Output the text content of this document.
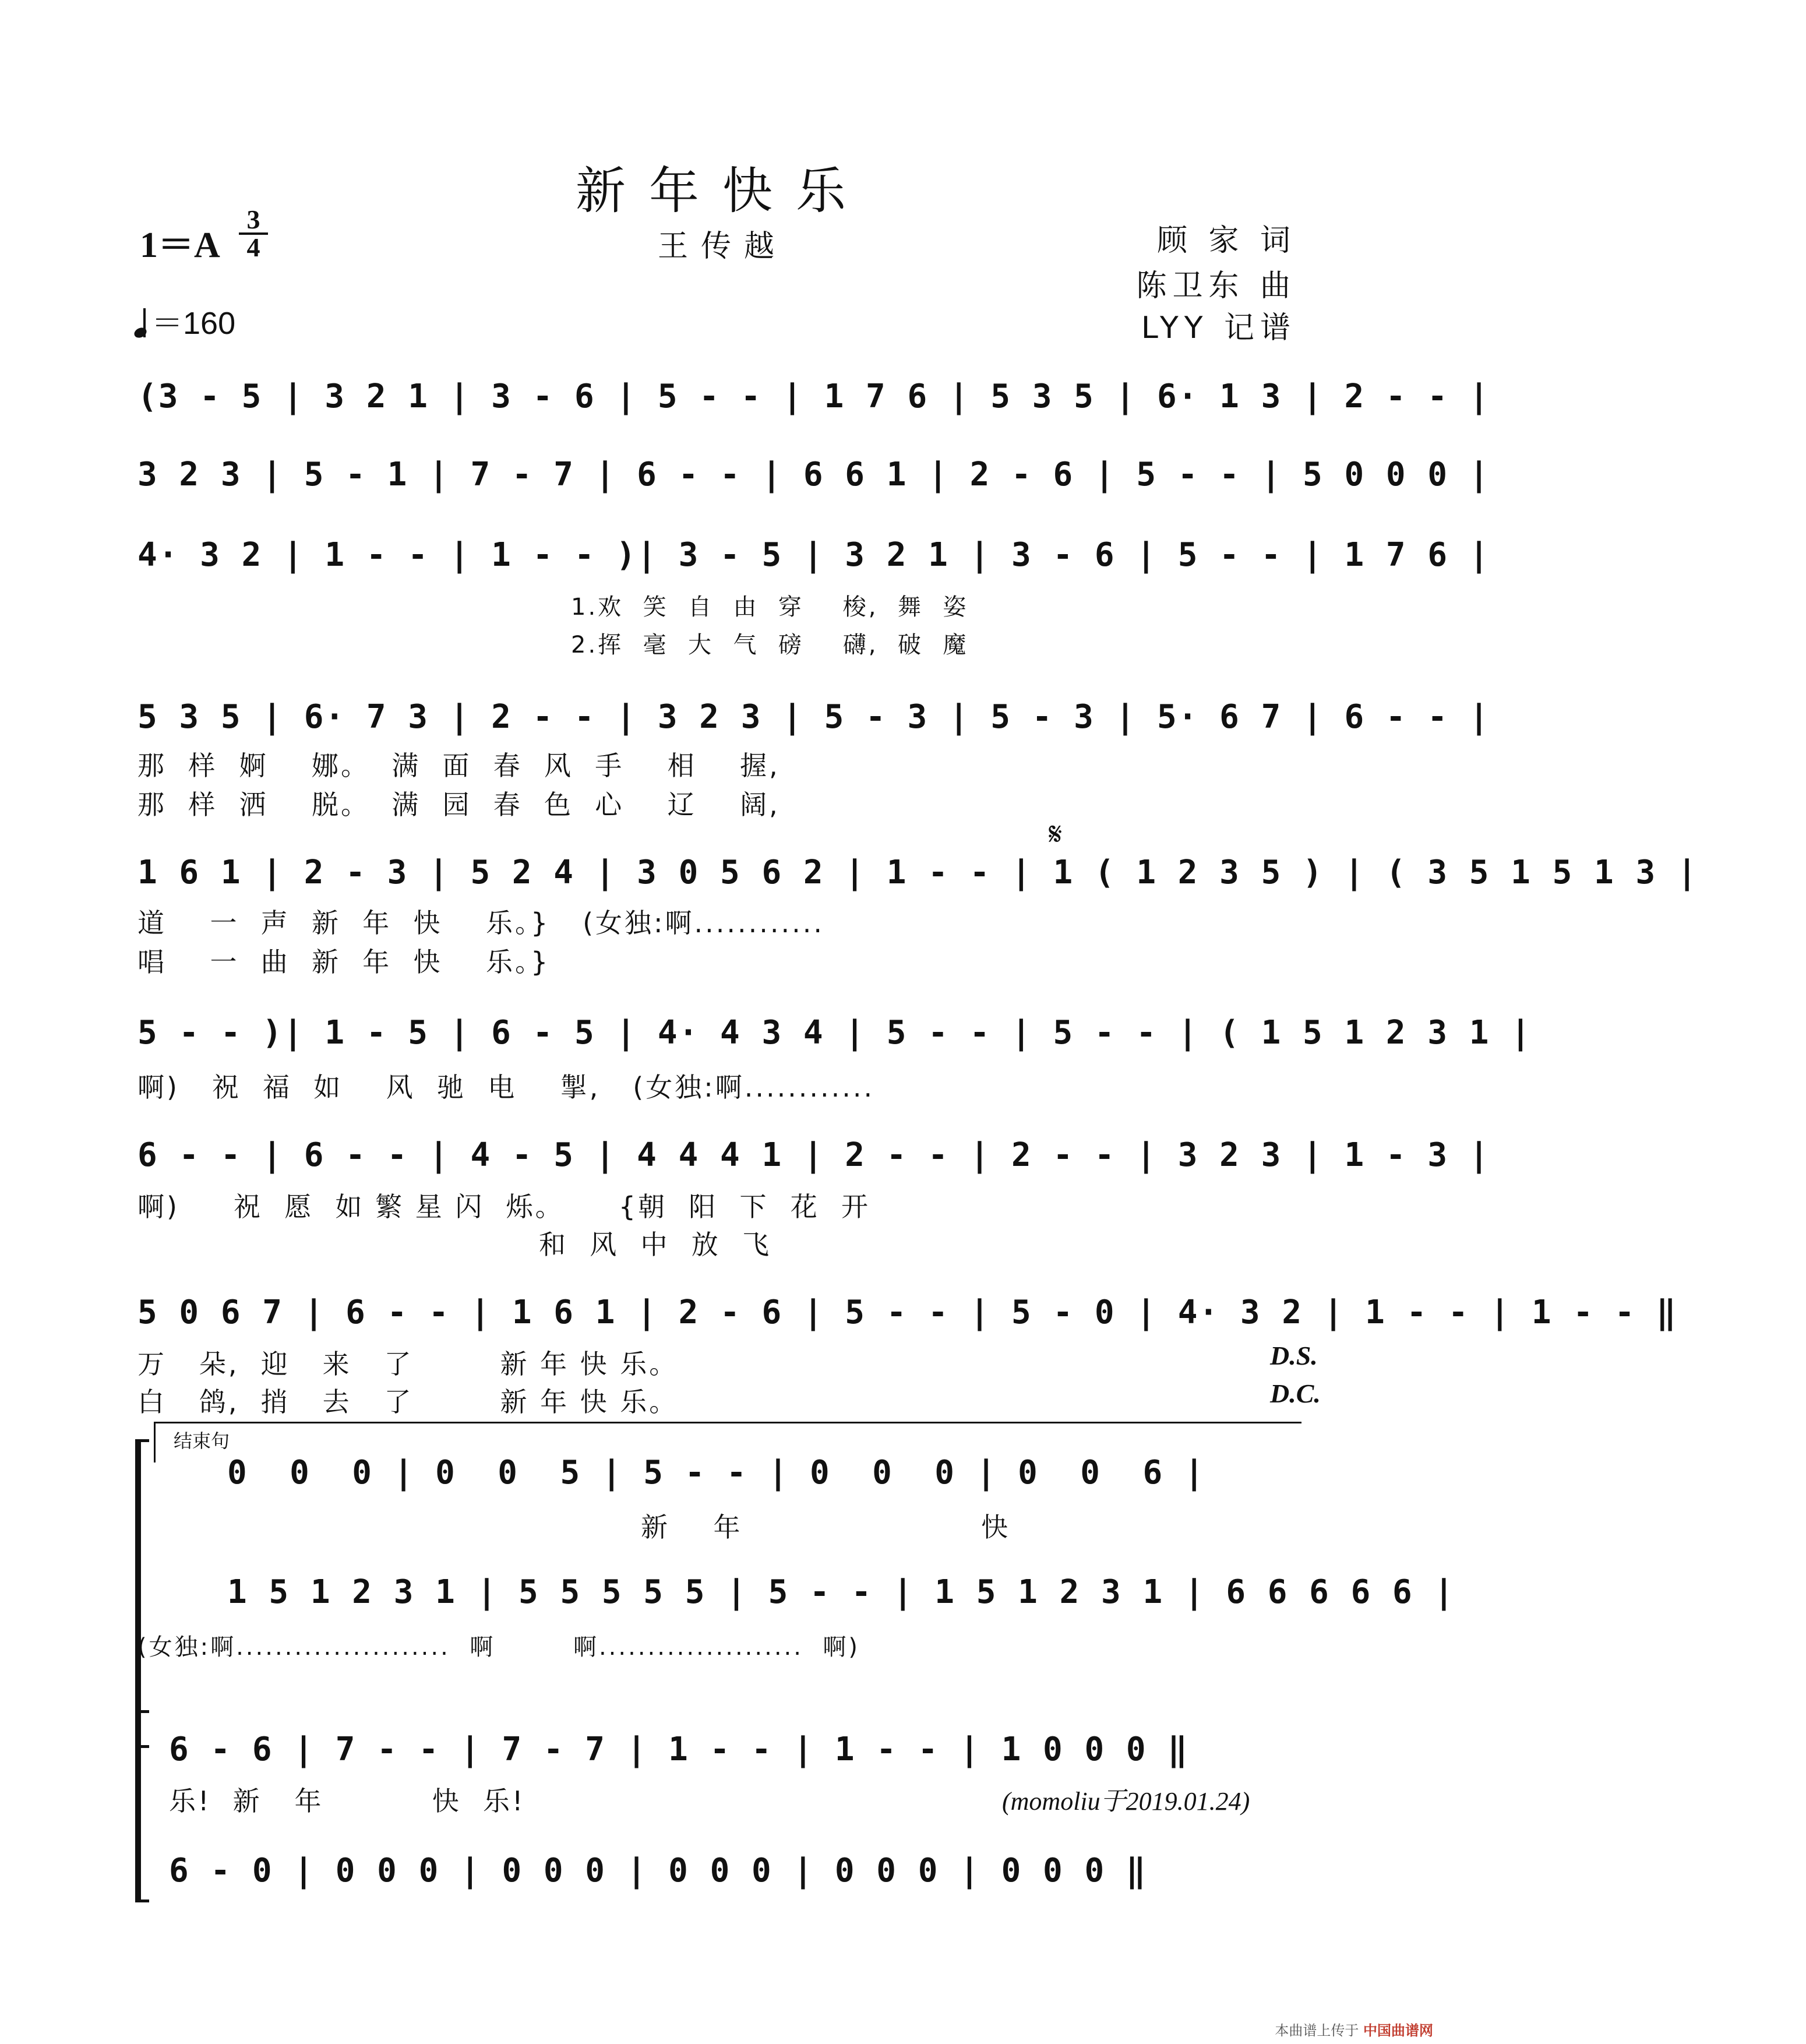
新年快乐
王传越
$1=A \frac{3}{4}$
＝160
顾 家 词
陈卫东 曲
LYY 记谱
(3 - 5 | 3 2 1 | 3 - 6 | 5 - - | 1 7 6 | 5 3 5 | 6· 1 3 | 2 - - |
3 2 3 | 5 - 1 | 7 - 7 | 6 - - | 6 6 1 | 2 - 6 | 5 - - | 5 0 0 0 |
4· 3 2 | 1 - - | 1 - - )| 3 - 5 | 3 2 1 | 3 - 6 | 5 - - | 1 7 6 |
1.欢  笑  自  由  穿    梭,  舞  姿
2.挥  毫  大  气  磅    礴,  破  魔
5 3 5 | 6· 7 3 | 2 - - | 3 2 3 | 5 - 3 | 5 - 3 | 5· 6 7 | 6 - - |
那  样  婀    娜。  满  面  春  风  手    相    握,
那  样  洒    脱。  满  园  春  色  心    辽    阔,
𝄋
1 6 1 | 2 - 3 | 5 2 4 | 3 0 5 6 2 | 1 - - | 1 ( 1 2 3 5 ) | ( 3 5 1 5 1 3 |
道    一  声  新  年  快    乐。}   (女独:啊............
唱    一  曲  新  年  快    乐。}
5 - - )| 1 - 5 | 6 - 5 | 4· 4 3 4 | 5 - - | 5 - - | ( 1 5 1 2 3 1 |
啊)   祝  福  如    风  驰  电    掣,   (女独:啊............
6 - - | 6 - - | 4 - 5 | 4 4 4 1 | 2 - - | 2 - - | 3 2 3 | 1 - 3 |
啊)     祝  愿  如 繁 星 闪  烁。     {朝  阳  下  花  开
和  风  中  放  飞
5 0 6 7 | 6 - - | 1 6 1 | 2 - 6 | 5 - - | 5 - 0 | 4· 3 2 | 1 - - | 1 - - ‖
万   朵,  迎   来   了        新 年 快 乐。
白   鸽,  捎   去   了        新 年 快 乐。
D.S.
D.C.
结束句
0  0  0 | 0  0  5 | 5 - - | 0  0  0 | 0  0  6 |
新    年                      快
1 5 1 2 3 1 | 5 5 5 5 5 | 5 - - | 1 5 1 2 3 1 | 6 6 6 6 6 |
(女独:啊......................  啊        啊.....................  啊)
6 - 6 | 7 - - | 7 - 7 | 1 - - | 1 - - | 1 0 0 0 ‖
乐!  新   年          快  乐!	(momoliu于2019.01.24)
6 - 0 | 0 0 0 | 0 0 0 | 0 0 0 | 0 0 0 | 0 0 0 ‖
本曲谱上传于 中国曲谱网
